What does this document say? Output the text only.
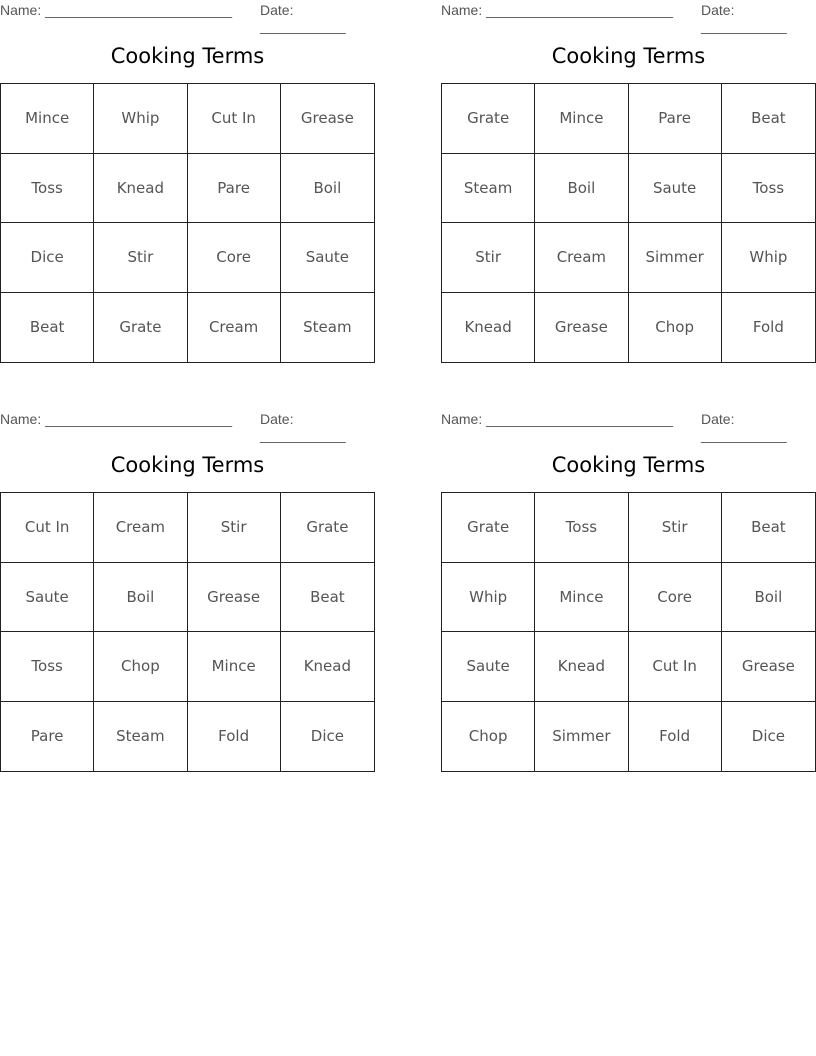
Name: ________________________ Date: ___________
Cooking Terms
Mince	Whip	Cut In	Grease
Toss	Knead	Pare	Boil
Dice	Stir	Core	Saute
Beat	Grate	Cream	Steam
Name: ________________________ Date: ___________
Cooking Terms
Grate	Mince	Pare	Beat
Steam	Boil	Saute	Toss
Stir	Cream	Simmer	Whip
Knead	Grease	Chop	Fold
Name: ________________________ Date: ___________
Cooking Terms
Cut In	Cream	Stir	Grate
Saute	Boil	Grease	Beat
Toss	Chop	Mince	Knead
Pare	Steam	Fold	Dice
Name: ________________________ Date: ___________
Cooking Terms
Grate	Toss	Stir	Beat
Whip	Mince	Core	Boil
Saute	Knead	Cut In	Grease
Chop	Simmer	Fold	Dice
